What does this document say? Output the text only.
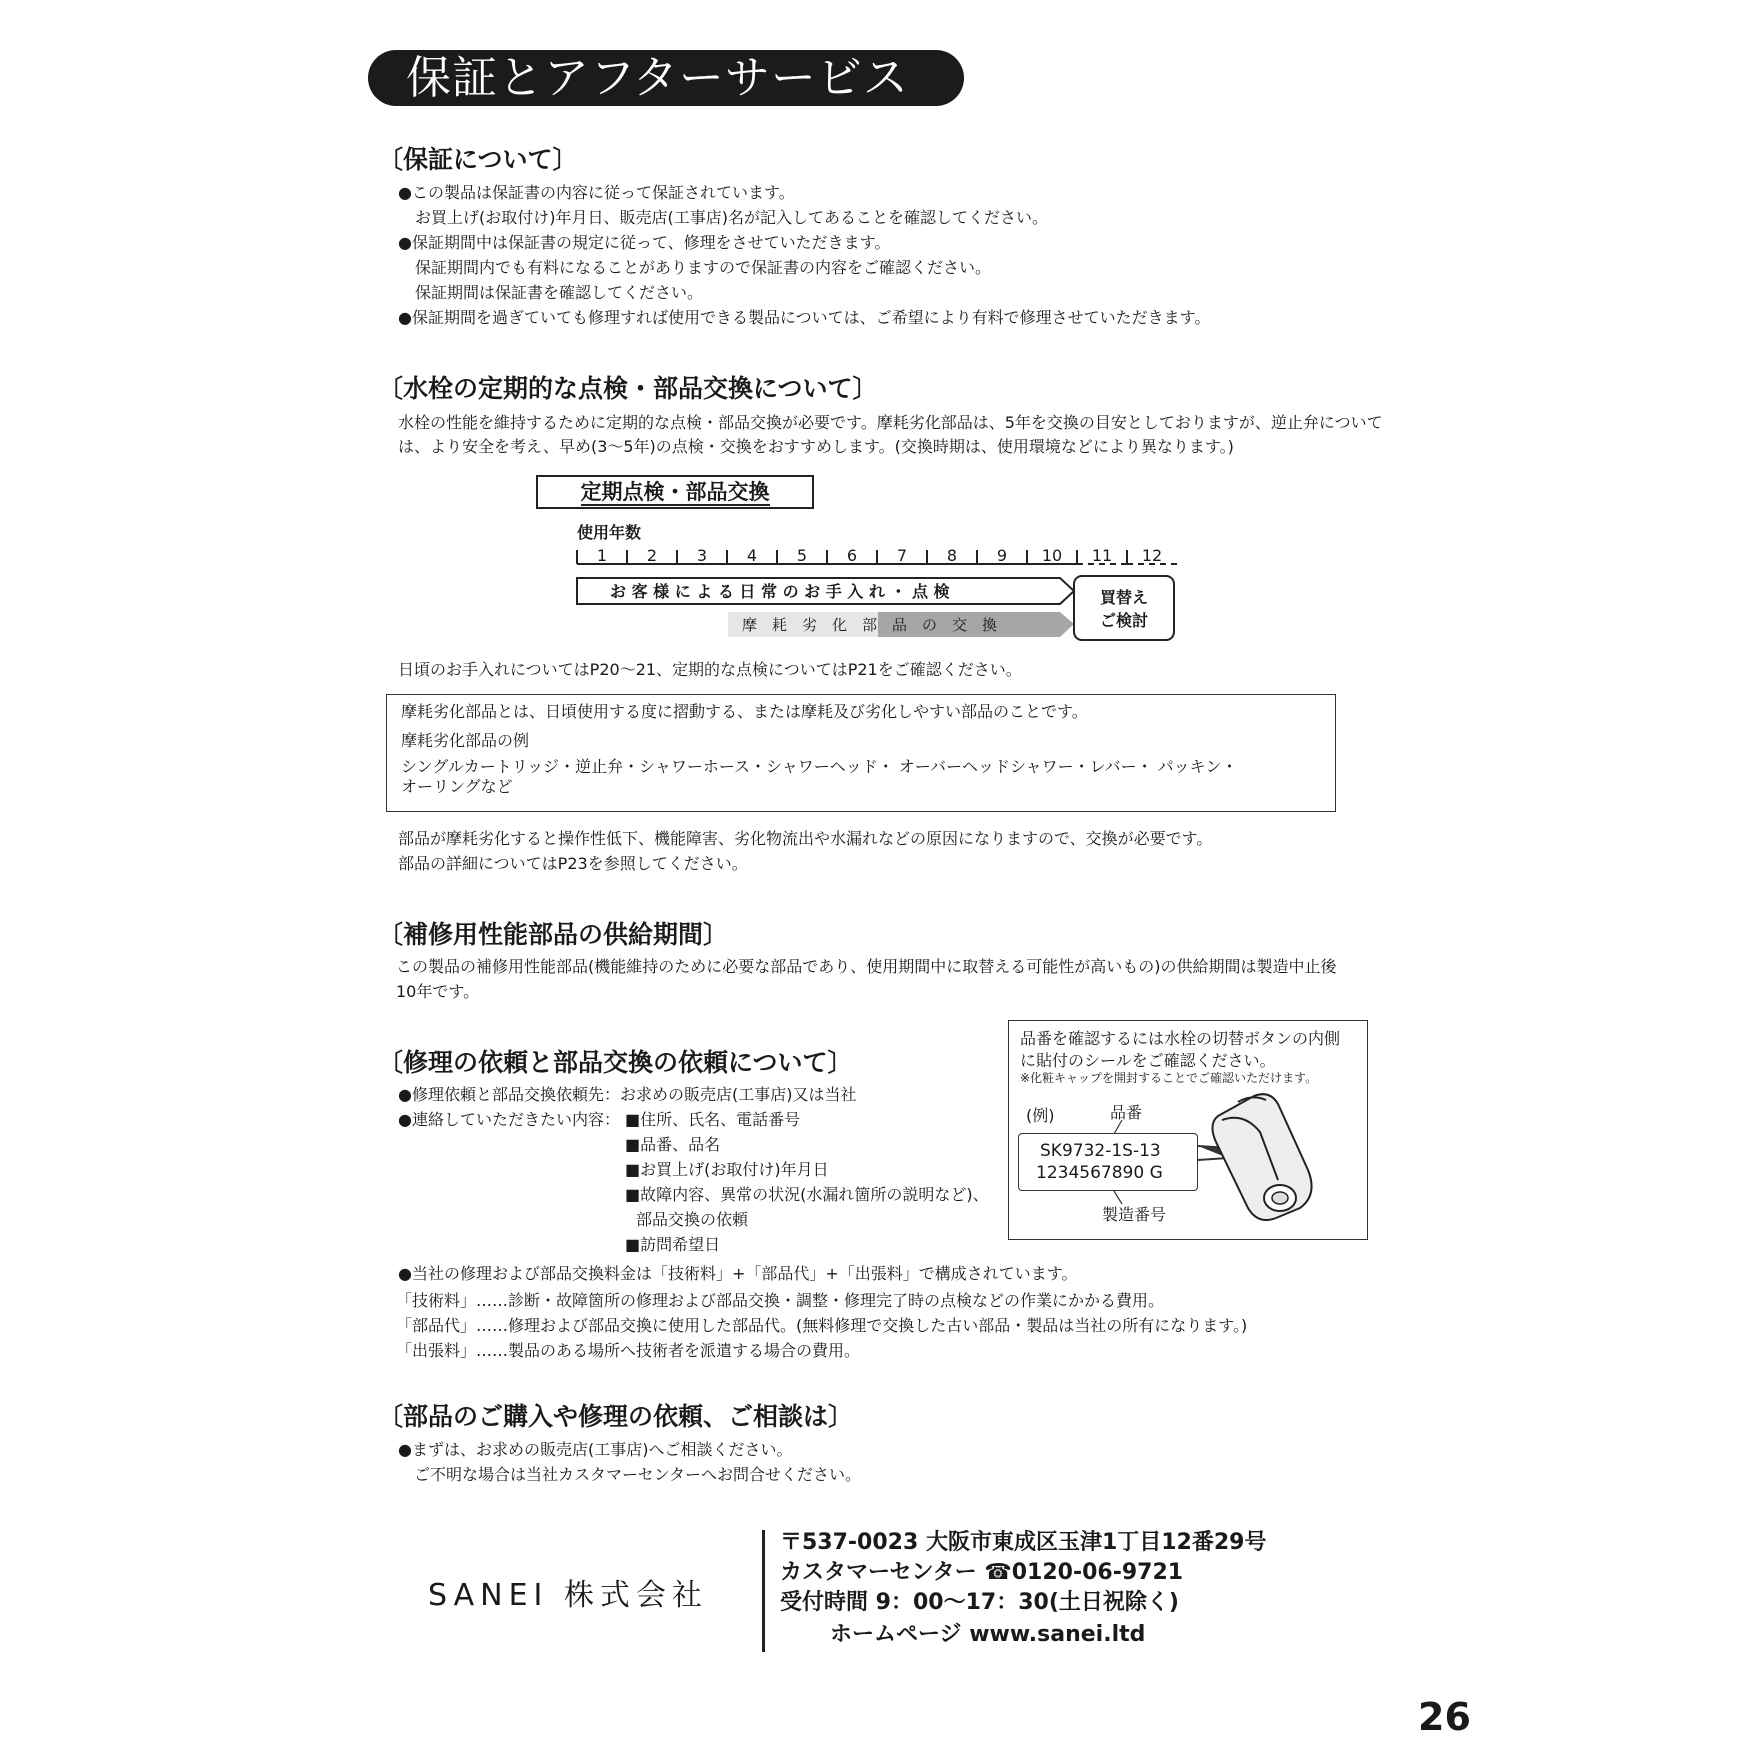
保証とアフターサービス
〔保証について〕
●この製品は保証書の内容に従って保証されています。
お買上げ(お取付け)年月日、販売店(工事店)名が記入してあることを確認してください。
●保証期間中は保証書の規定に従って、修理をさせていただきます。
保証期間内でも有料になることがありますので保証書の内容をご確認ください。
保証期間は保証書を確認してください。
●保証期間を過ぎていても修理すれば使用できる製品については、ご希望により有料で修理させていただきます。
〔水栓の定期的な点検・部品交換について〕
水栓の性能を維持するために定期的な点検・部品交換が必要です。摩耗劣化部品は、5年を交換の目安としておりますが、逆止弁について
は、より安全を考え、早め(3〜5年)の点検・交換をおすすめします。(交換時期は、使用環境などにより異なります。)
定期点検・部品交換
使用年数
1 2 3 4 5 6 7 8 9 10 11 12
お 客 様 に よ る 日 常 の お 手 入 れ ・ 点 検
摩　耗　劣　化　部　品　の　交　換
買替え
ご検討
日頃のお手入れについてはP20〜21、定期的な点検についてはP21をご確認ください。
摩耗劣化部品とは、日頃使用する度に摺動する、または摩耗及び劣化しやすい部品のことです。
摩耗劣化部品の例
シングルカートリッジ・逆止弁・シャワーホース・シャワーヘッド・ オーバーヘッドシャワー・レバー・ パッキン・
オーリングなど
部品が摩耗劣化すると操作性低下、機能障害、劣化物流出や水漏れなどの原因になりますので、交換が必要です。
部品の詳細についてはP23を参照してください。
〔補修用性能部品の供給期間〕
この製品の補修用性能部品(機能維持のために必要な部品であり、使用期間中に取替える可能性が高いもの)の供給期間は製造中止後
10年です。
〔修理の依頼と部品交換の依頼について〕
●修理依頼と部品交換依頼先：お求めの販売店(工事店)又は当社
●連絡していただきたい内容： ■住所、氏名、電話番号
■品番、品名
■お買上げ(お取付け)年月日
■故障内容、異常の状況(水漏れ箇所の説明など)、
部品交換の依頼
■訪問希望日
●当社の修理および部品交換料金は「技術料」+「部品代」+「出張料」で構成されています。
「技術料」……診断・故障箇所の修理および部品交換・調整・修理完了時の点検などの作業にかかる費用。
「部品代」……修理および部品交換に使用した部品代。(無料修理で交換した古い部品・製品は当社の所有になります。)
「出張料」……製品のある場所へ技術者を派遣する場合の費用。
品番を確認するには水栓の切替ボタンの内側
に貼付のシールをご確認ください。
※化粧キャップを開封することでご確認いただけます。
(例)	品番
SK9732-1S-13
1234567890 G
製造番号
〔部品のご購入や修理の依頼、ご相談は〕
●まずは、お求めの販売店(工事店)へご相談ください。
ご不明な場合は当社カスタマーセンターへお問合せください。
SANEI 株式会社
〒537-0023 大阪市東成区玉津1丁目12番29号
カスタマーセンター ☎0120-06-9721
受付時間 9：00〜17：30(土日祝除く)
ホームページ www.sanei.ltd
26
